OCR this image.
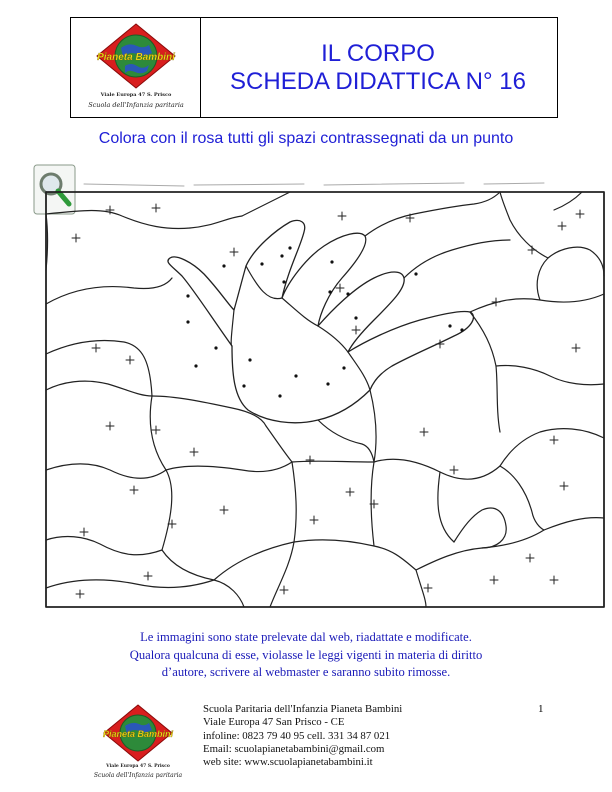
Pianeta Bambini
Viale Europa 47 S. Prisco
Scuola dell'Infanzia paritaria
IL CORPO
SCHEDA DIDATTICA N° 16
Colora con il rosa tutti gli spazi contrassegnati da un punto
Le immagini sono state prelevate dal web, riadattate e modificate.
Qualora qualcuna di esse, violasse le leggi vigenti in materia di diritto
d’autore, scrivere al webmaster e saranno subito rimosse.
1
Pianeta Bambini
Viale Europa 47 S. Prisco
Scuola dell'Infanzia paritaria
Scuola Paritaria dell'Infanzia Pianeta Bambini
Viale Europa 47 San Prisco - CE
infoline: 0823 79 40 95 cell. 331 34 87 021
Email: scuolapianetabambini@gmail.com
web site: www.scuolapianetabambini.it
